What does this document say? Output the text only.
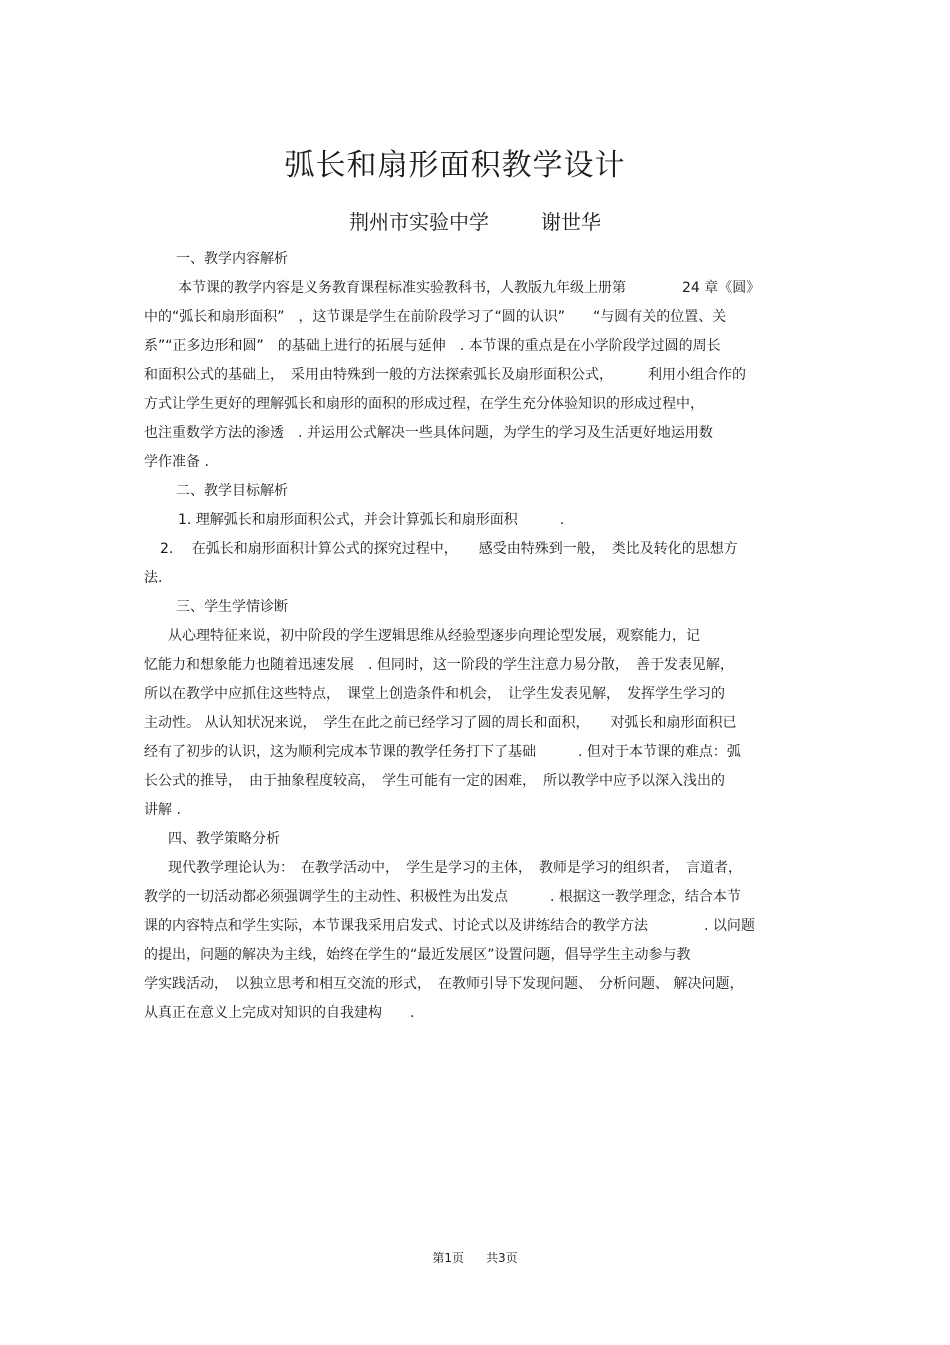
弧长和扇形面积教学设计
荆州市实验中学	谢世华
一、教学内容解析
本节课的教学内容是义务教育课程标准实验教科书，人教版九年级上册第　　　　24 章《圆》
中的“弧长和扇形面积”　，这节课是学生在前阶段学习了“圆的认识”　　“与圆有关的位置、关
系”“正多边形和圆”　的基础上进行的拓展与延伸　. 本节课的重点是在小学阶段学过圆的周长
和面积公式的基础上，　采用由特殊到一般的方法探索弧长及扇形面积公式，　　　利用小组合作的
方式让学生更好的理解弧长和扇形的面积的形成过程，在学生充分体验知识的形成过程中，
也注重数学方法的渗透　. 并运用公式解决一些具体问题，为学生的学习及生活更好地运用数
学作准备 .
二、教学目标解析
1. 理解弧长和扇形面积公式，并会计算弧长和扇形面积　　　.
2.　 在弧长和扇形面积计算公式的探究过程中，　　感受由特殊到一般，　类比及转化的思想方
法.
三、学生学情诊断
从心理特征来说，初中阶段的学生逻辑思维从经验型逐步向理论型发展，观察能力，记
忆能力和想象能力也随着迅速发展　. 但同时，这一阶段的学生注意力易分散，　善于发表见解，
所以在教学中应抓住这些特点，　课堂上创造条件和机会，　让学生发表见解，　发挥学生学习的
主动性。 从认知状况来说，　学生在此之前已经学习了圆的周长和面积，　　对弧长和扇形面积已
经有了初步的认识，这为顺利完成本节课的教学任务打下了基础　　　. 但对于本节课的难点：弧
长公式的推导，　由于抽象程度较高，　学生可能有一定的困难，　所以教学中应予以深入浅出的
讲解 .
四、教学策略分析
现代教学理论认为：　在教学活动中，　学生是学习的主体，　教师是学习的组织者，　言道者，
教学的一切活动都必须强调学生的主动性、积极性为出发点　　　. 根据这一教学理念，结合本节
课的内容特点和学生实际，本节课我采用启发式、讨论式以及讲练结合的教学方法　　　　. 以问题
的提出，问题的解决为主线，始终在学生的“最近发展区”设置问题，倡导学生主动参与教
学实践活动，　以独立思考和相互交流的形式，　在教师引导下发现问题、　分析问题、 解决问题，
从真正在意义上完成对知识的自我建构　　.
第1页 共3页
